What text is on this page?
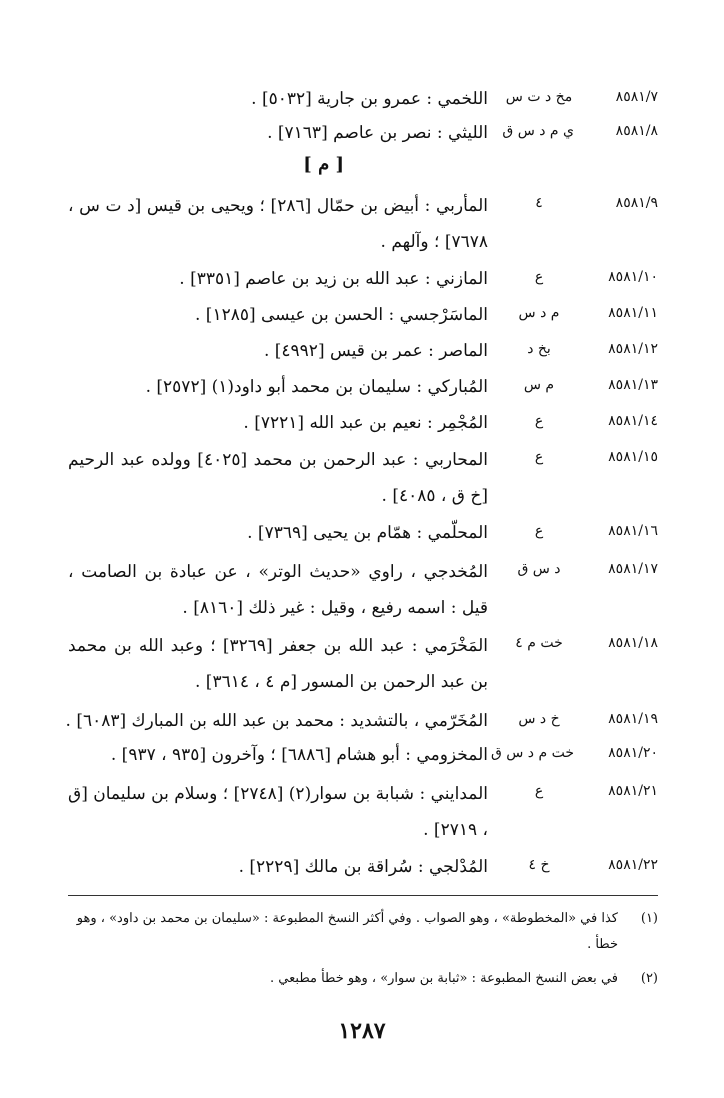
٨٥٨١/٧
مخ د ت س
اللخمي : عمرو بن جارية [٥٠٣٢] .
٨٥٨١/٨
ي م د س ق
الليثي : نصر بن عاصم [٧١٦٣] .
[ م ]
٨٥٨١/٩
٤
المأربي : أبيض بن حمّال [٢٨٦] ؛ ويحيى بن قيس [د ت س ، ٧٦٧٨] ؛ وآلهم .
٨٥٨١/١٠
ع
المازني : عبد الله بن زيد بن عاصم [٣٣٥١] .
٨٥٨١/١١
م د س
الماسَرْجسي : الحسن بن عيسى [١٢٨٥] .
٨٥٨١/١٢
بخ د
الماصر : عمر بن قيس [٤٩٩٢] .
٨٥٨١/١٣
م س
المُباركي : سليمان بن محمد أبو داود(١) [٢٥٧٢] .
٨٥٨١/١٤
ع
المُجْمِر : نعيم بن عبد الله [٧٢٢١] .
٨٥٨١/١٥
ع
المحاربي : عبد الرحمن بن محمد [٤٠٢٥] وولده عبد الرحيم [خ ق ، ٤٠٨٥] .
٨٥٨١/١٦
ع
المحلّمي : همّام بن يحيى [٧٣٦٩] .
٨٥٨١/١٧
د س ق
المُخدجي ، راوي «حديث الوتر» ، عن عبادة بن الصامت ، قيل : اسمه رفيع ، وقيل : غير ذلك [٨١٦٠] .
٨٥٨١/١٨
خت م ٤
المَخْرَمي : عبد الله بن جعفر [٣٢٦٩] ؛ وعبد الله بن محمد بن عبد الرحمن بن المسور [م ٤ ، ٣٦١٤] .
٨٥٨١/١٩
خ د س
المُخَرّمي ، بالتشديد : محمد بن عبد الله بن المبارك [٦٠٨٣] .
٨٥٨١/٢٠
خت م د س ق
المخزومي : أبو هشام [٦٨٨٦] ؛ وآخرون [٩٣٥ ، ٩٣٧] .
٨٥٨١/٢١
ع
المدايني : شبابة بن سوار(٢) [٢٧٤٨] ؛ وسلام بن سليمان [ق ، ٢٧١٩] .
٨٥٨١/٢٢
خ ٤
المُدْلجي : سُراقة بن مالك [٢٢٢٩] .
(١)
كذا في «المخطوطة» ، وهو الصواب . وفي أكثر النسخ المطبوعة : «سليمان بن محمد بن داود» ، وهو خطأ .
(٢)
في بعض النسخ المطبوعة : «ثبابة بن سوار» ، وهو خطأ مطبعي .
١٢٨٧
